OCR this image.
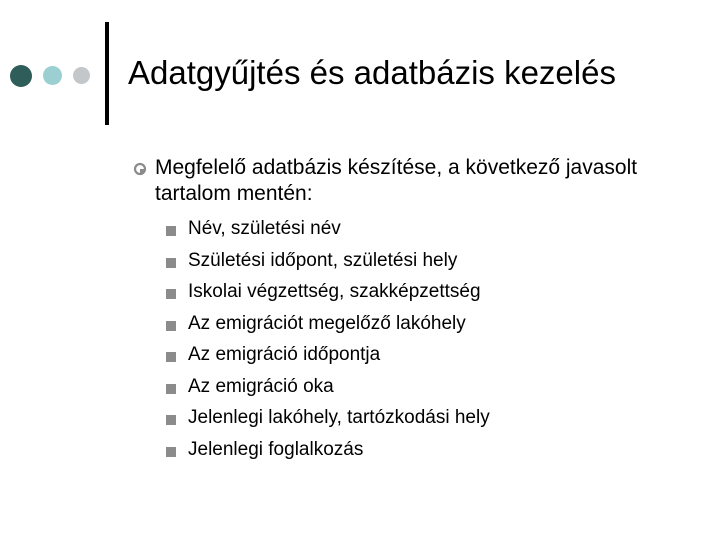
Adatgyűjtés és adatbázis kezelés
Megfelelő adatbázis készítése, a következő javasolt tartalom mentén:
Név, születési név
Születési időpont, születési hely
Iskolai végzettség, szakképzettség
Az emigrációt megelőző lakóhely
Az emigráció időpontja
Az emigráció oka
Jelenlegi lakóhely, tartózkodási hely
Jelenlegi foglalkozás
